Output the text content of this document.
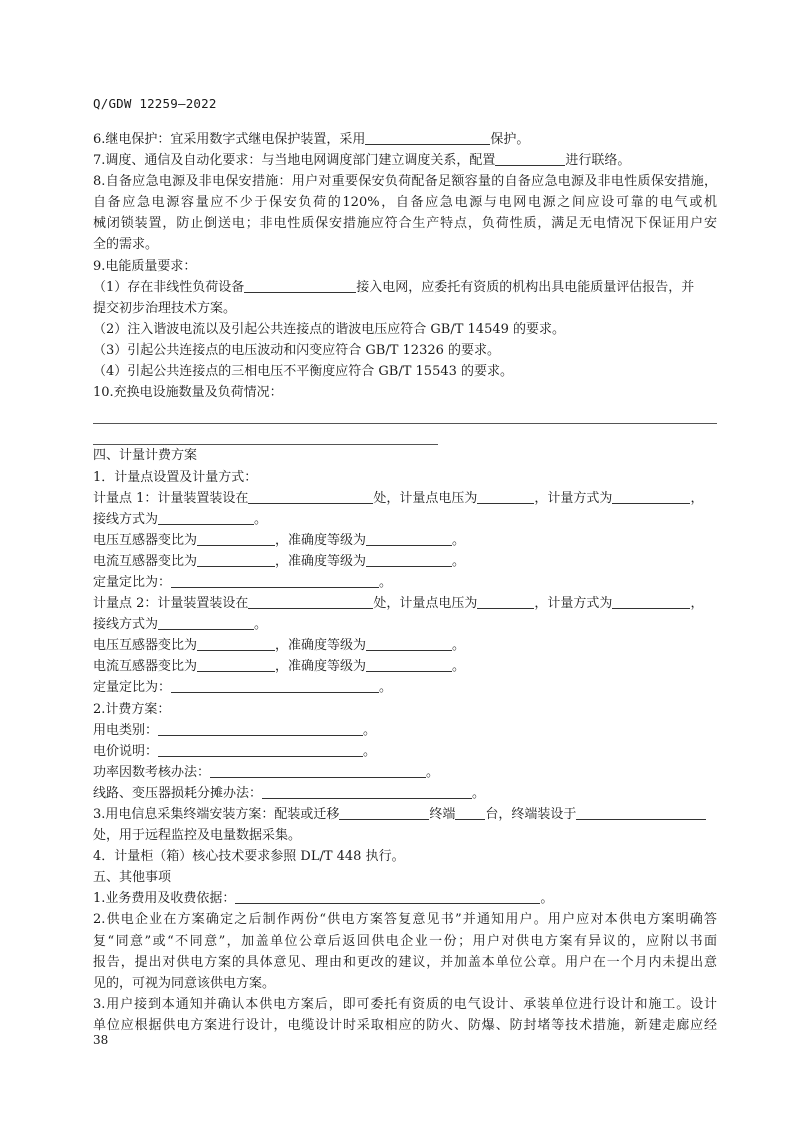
Q/GDW 12259—2022
6.继电保护：宜采用数字式继电保护装置，采用	保护。
7.调度、通信及自动化要求：与当地电网调度部门建立调度关系，配置	进行联络。
8.自备应急电源及非电保安措施：用户对重要保安负荷配备足额容量的自备应急电源及非电性质保安措施，
自备应急电源容量应不少于保安负荷的120%，自备应急电源与电网电源之间应设可靠的电气或机
械闭锁装置，防止倒送电；非电性质保安措施应符合生产特点，负荷性质，满足无电情况下保证用户安
全的需求。
9.电能质量要求：
（1）存在非线性负荷设备	接入电网，应委托有资质的机构出具电能质量评估报告，并
提交初步治理技术方案。
（2）注入谐波电流以及引起公共连接点的谐波电压应符合 GB/T 14549 的要求。
（3）引起公共连接点的电压波动和闪变应符合 GB/T 12326 的要求。
（4）引起公共连接点的三相电压不平衡度应符合 GB/T 15543 的要求。
10.充换电设施数量及负荷情况：
四、计量计费方案
1．计量点设置及计量方式：
计量点 1：计量装置装设在	处，计量点电压为	，计量方式为	，
接线方式为	。
电压互感器变比为	，准确度等级为	。
电流互感器变比为	，准确度等级为	。
定量定比为：	。
计量点 2：计量装置装设在	处，计量点电压为	，计量方式为	，
接线方式为	。
电压互感器变比为	，准确度等级为	。
电流互感器变比为	，准确度等级为	。
定量定比为：	。
2.计费方案：
用电类别：	。
电价说明：	。
功率因数考核办法：	。
线路、变压器损耗分摊办法：	。
3.用电信息采集终端安装方案：配装或迁移	终端 台，终端装设于
处，用于远程监控及电量数据采集。
4．计量柜（箱）核心技术要求参照 DL/T 448 执行。
五、其他事项
1.业务费用及收费依据：	。
2.供电企业在方案确定之后制作两份“供电方案答复意见书”并通知用户。用户应对本供电方案明确答
复“同意”或“不同意”，加盖单位公章后返回供电企业一份；用户对供电方案有异议的，应附以书面
报告，提出对供电方案的具体意见、理由和更改的建议，并加盖本单位公章。用户在一个月内未提出意
见的，可视为同意该供电方案。
3.用户接到本通知并确认本供电方案后，即可委托有资质的电气设计、承装单位进行设计和施工。设计
单位应根据供电方案进行设计，电缆设计时采取相应的防火、防爆、防封堵等技术措施，新建走廊应经
38
